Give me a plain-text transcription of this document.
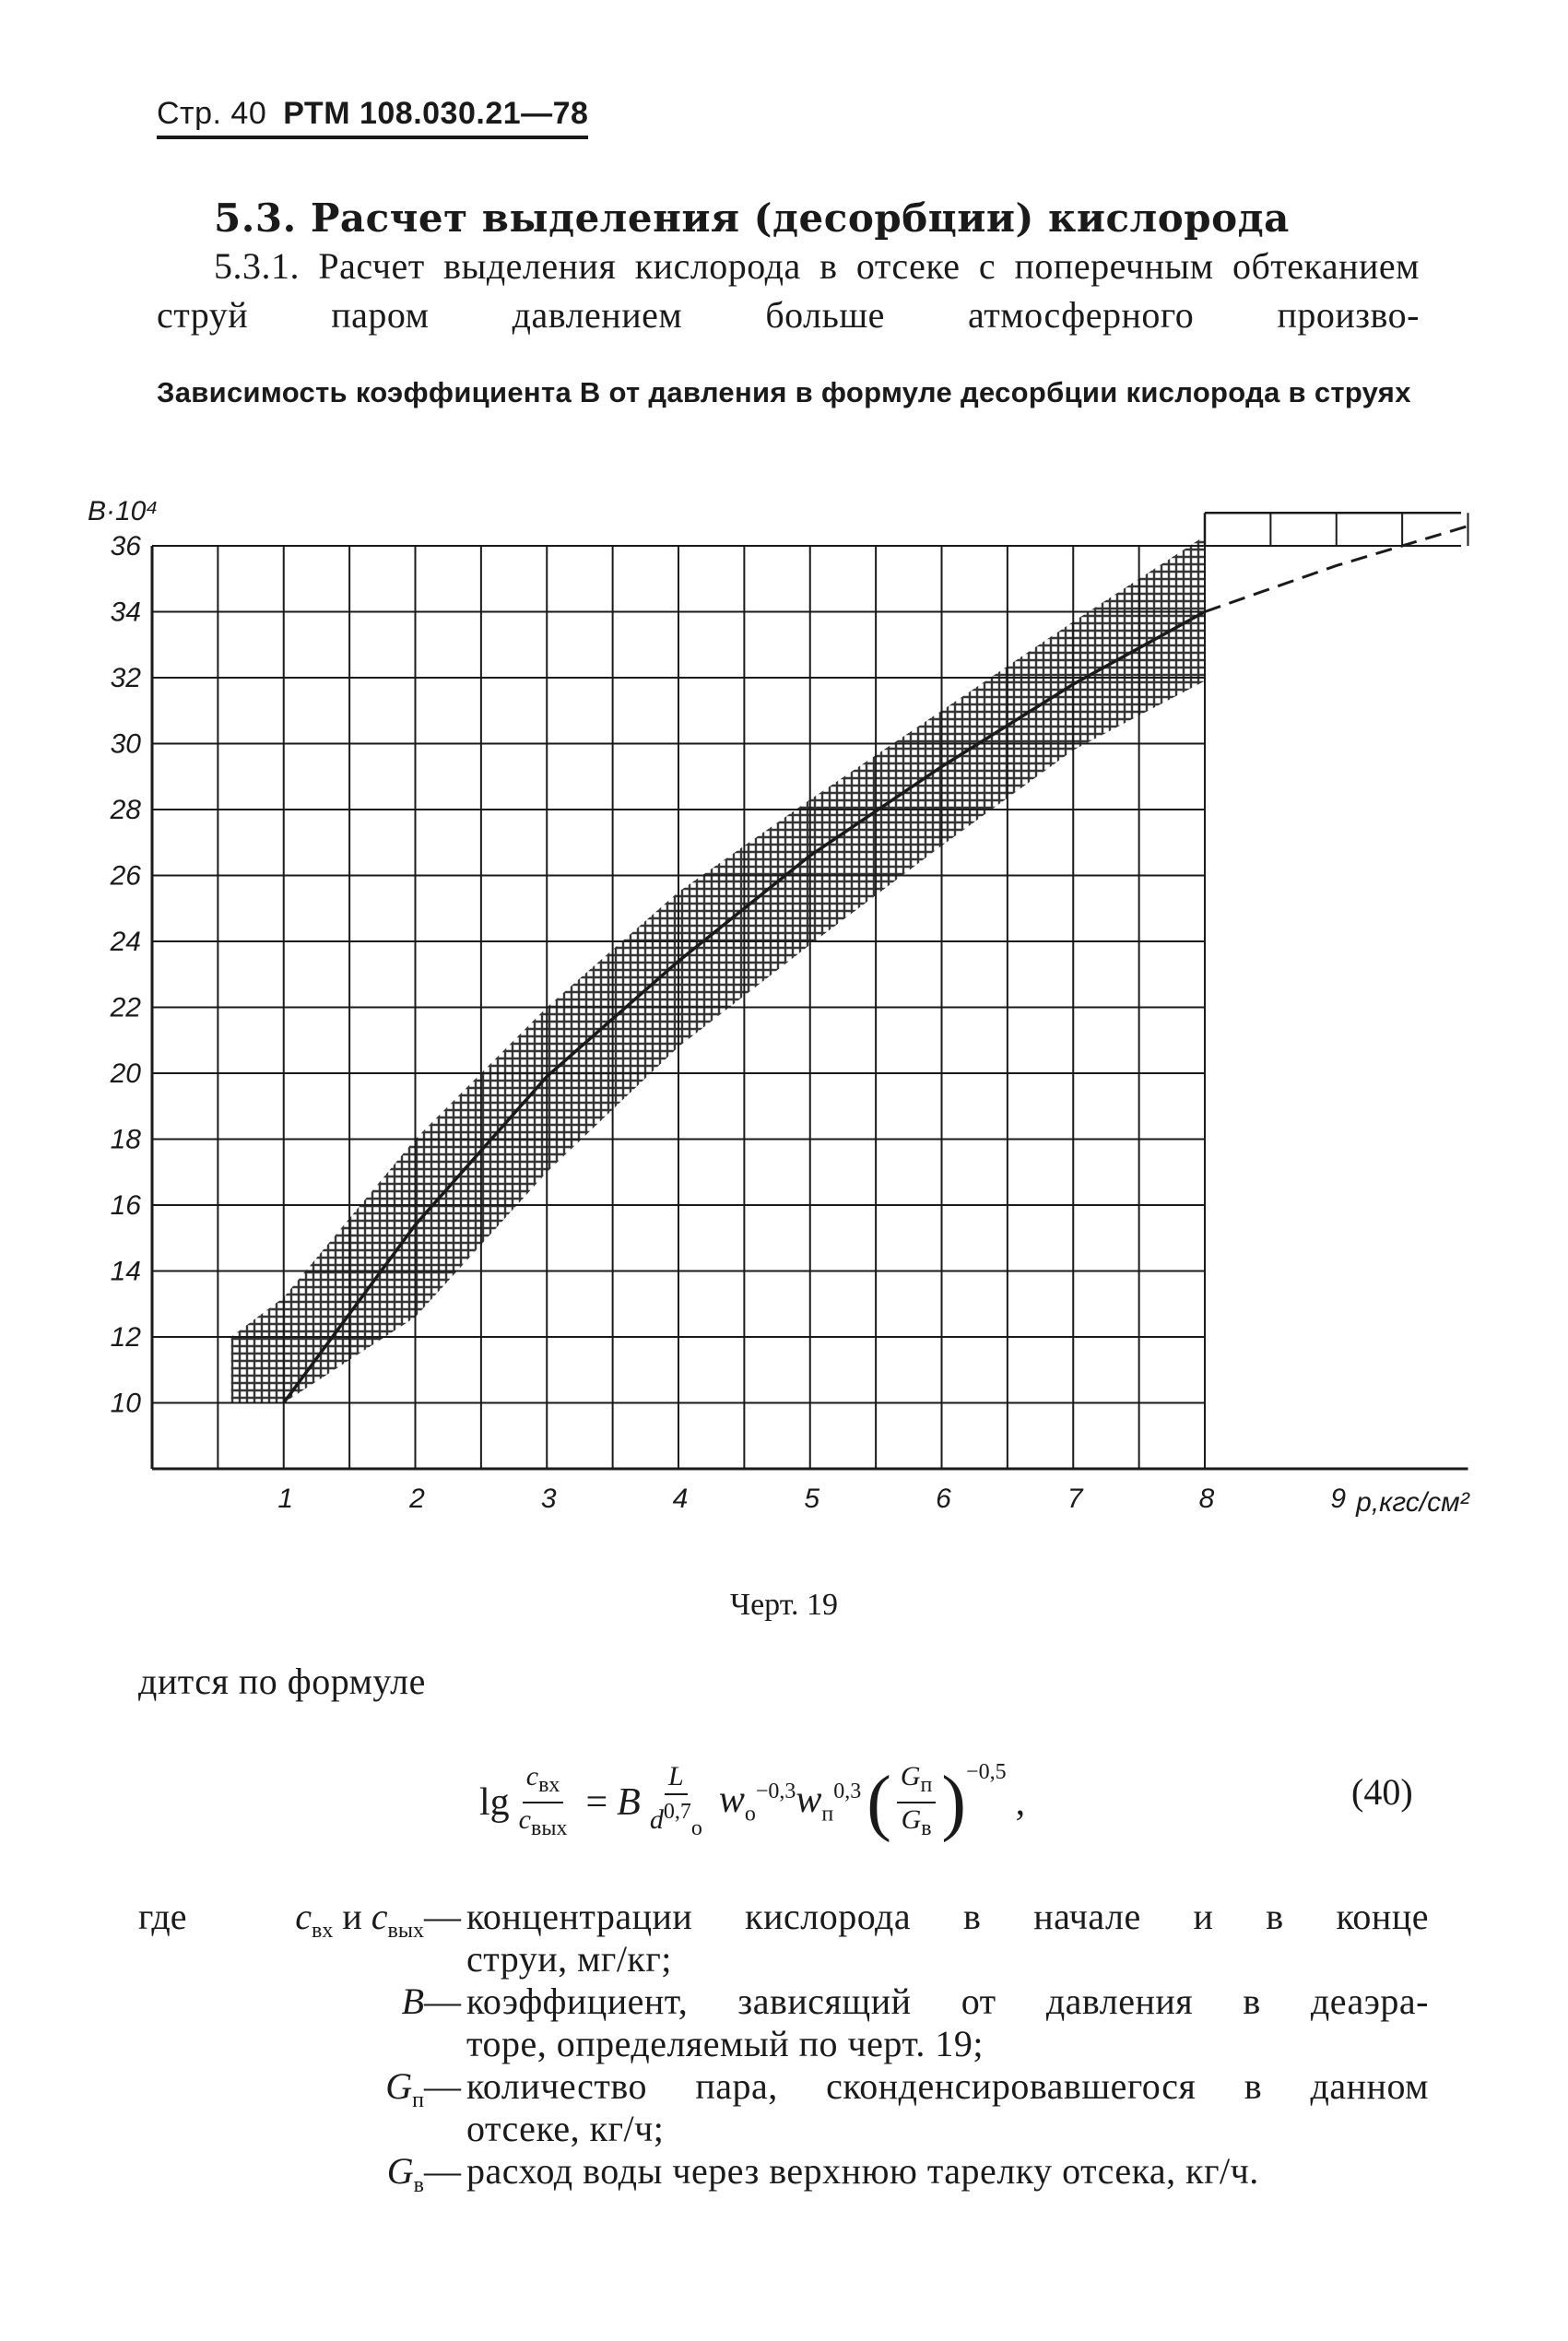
Стр. 40 РТМ 108.030.21—78
5.3. Расчет выделения (десорбции) кислорода
5.3.1. Расчет выделения кислорода в отсеке с поперечным обтеканием струй паром давлением больше атмосферного произво-
Зависимость коэффициента B от давления в формуле десорбции кислорода в струях
10
12
14
16
18
20
22
24
26
28
30
32
34
36
1	2	3	4	5	6	7	8	9
B·10⁴
p,кгс/см²
Черт. 19
дится по формуле
$\lg \frac{c_{вх}}{c_{вых}} = B \frac{L}{d^{0,7}_о} w_о^{-0,3}$ $w_п^{0,3}$ ( $\frac{G_п}{G_в} )^{-0,5}$
,	(40)
где	$c_{вх}$
и
$c_{вых}$ — концентрации кислорода в начале и в конце
струи, мг/кг;
B — коэффициент, зависящий от давления в деаэра-
торе, определяемый по черт. 19;
$G_п$ — количество пара, сконденсировавшегося в данном
отсеке, кг/ч;
$G_в$ — расход воды через верхнюю тарелку отсека, кг/ч.
